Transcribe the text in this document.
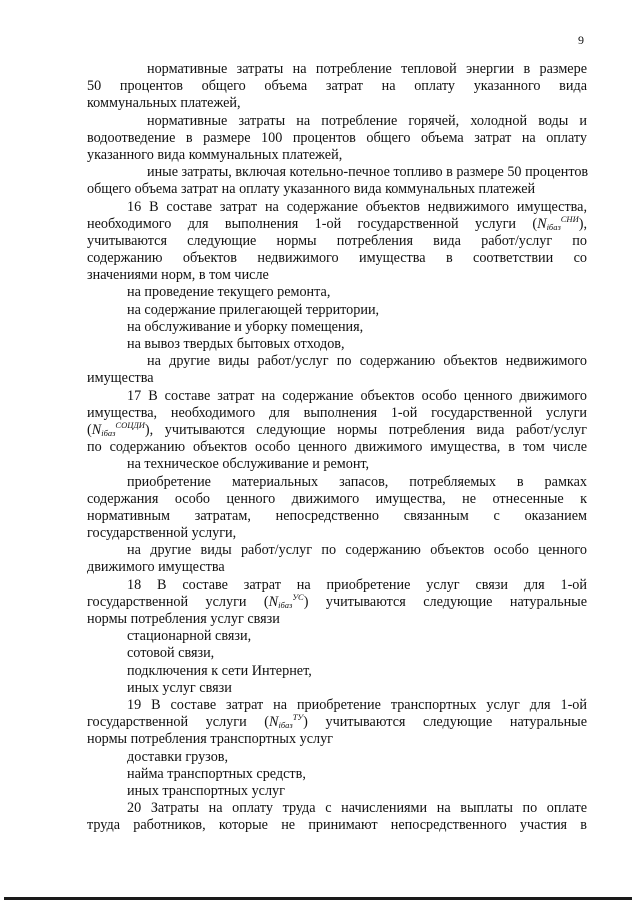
9
нормативные затраты на потребление тепловой энергии в размере
50 процентов общего объема затрат на оплату указанного вида
коммунальных платежей,
нормативные затраты на потребление горячей, холодной воды и
водоотведение в размере 100 процентов общего объема затрат на оплату
указанного вида коммунальных платежей,
иные затраты, включая котельно-печное топливо в размере 50 процентов
общего объема затрат на оплату указанного вида коммунальных платежей
16 В составе затрат на содержание объектов недвижимого имущества,
необходимого для выполнения 1-ой государственной услуги $(N_{iбаз}^{СНИ})$,
учитываются следующие нормы потребления вида работ/услуг по
содержанию объектов недвижимого имущества в соответствии со
значениями норм, в том числе
на проведение текущего ремонта,
на содержание прилегающей территории,
на обслуживание и уборку помещения,
на вывоз твердых бытовых отходов,
на другие виды работ/услуг по содержанию объектов недвижимого
имущества
17 В составе затрат на содержание объектов особо ценного движимого
имущества, необходимого для выполнения 1-ой государственной услуги
$(N_{iбаз}^{СОЦДИ})$, учитываются следующие нормы потребления вида работ/услуг
по содержанию объектов особо ценного движимого имущества, в том числе
на техническое обслуживание и ремонт,
приобретение материальных запасов, потребляемых в рамках
содержания особо ценного движимого имущества, не отнесенные к
нормативным затратам, непосредственно связанным с оказанием
государственной услуги,
на другие виды работ/услуг по содержанию объектов особо ценного
движимого имущества
18 В составе затрат на приобретение услуг связи для 1-ой
государственной услуги $(N_{iбаз}^{УС})$ учитываются следующие натуральные
нормы потребления услуг связи
стационарной связи,
сотовой связи,
подключения к сети Интернет,
иных услуг связи
19 В составе затрат на приобретение транспортных услуг для 1-ой
государственной услуги $(N_{iбаз}^{ТУ})$ учитываются следующие натуральные
нормы потребления транспортных услуг
доставки грузов,
найма транспортных средств,
иных транспортных услуг
20 Затраты на оплату труда с начислениями на выплаты по оплате
труда работников, которые не принимают непосредственного участия в
